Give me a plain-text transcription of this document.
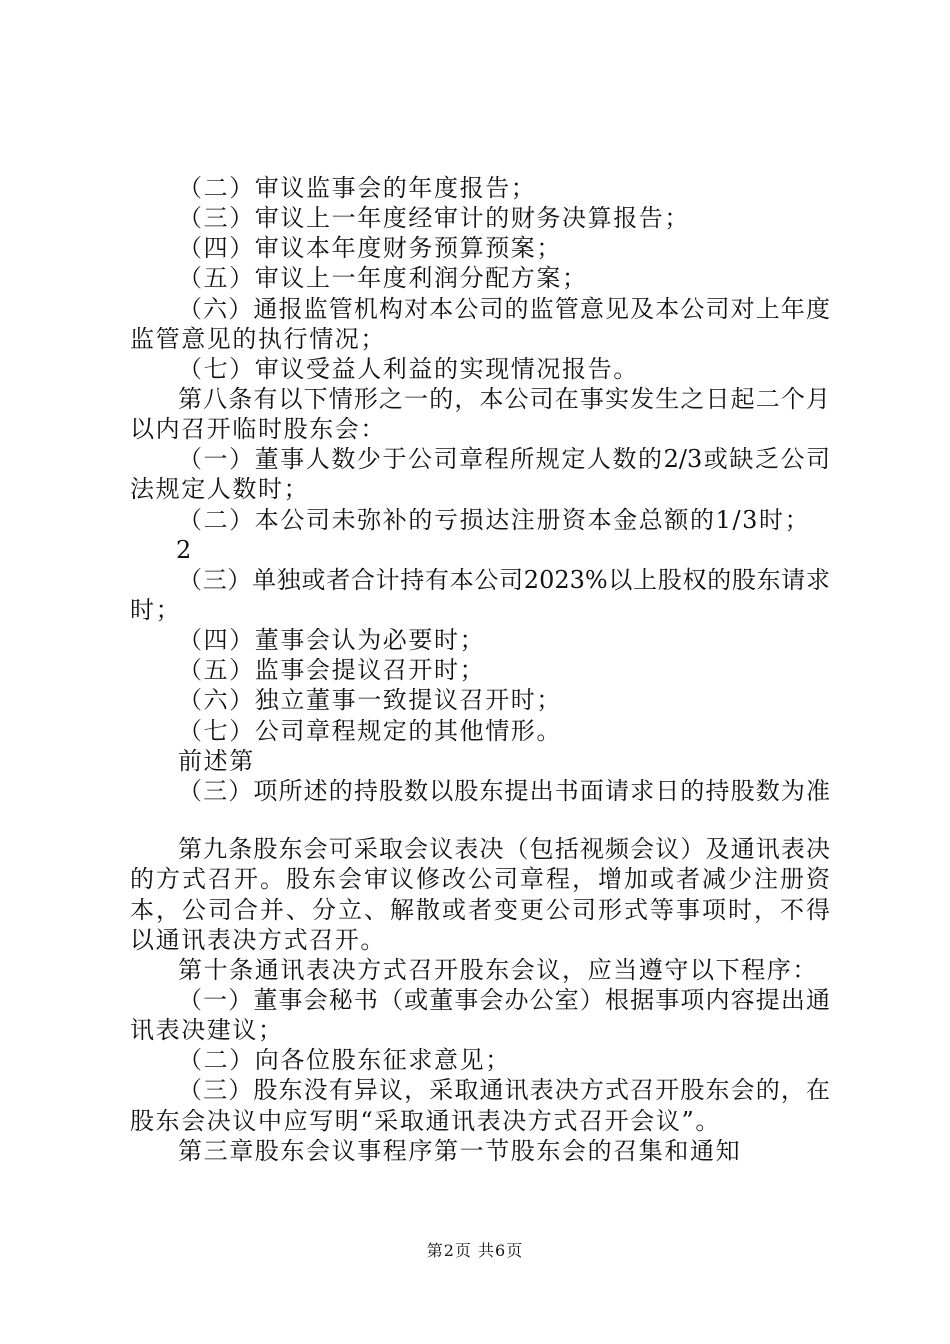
（二）审议监事会的年度报告；
（三）审议上一年度经审计的财务决算报告；
（四）审议本年度财务预算预案；
（五）审议上一年度利润分配方案；
（六）通报监管机构对本公司的监管意见及本公司对上年度
监管意见的执行情况；
（七）审议受益人利益的实现情况报告。
第八条有以下情形之一的，本公司在事实发生之日起二个月
以内召开临时股东会：
（一）董事人数少于公司章程所规定人数的2/3或缺乏公司
法规定人数时；
（二）本公司未弥补的亏损达注册资本金总额的1/3时；
2
（三）单独或者合计持有本公司2023%以上股权的股东请求
时；
（四）董事会认为必要时；
（五）监事会提议召开时；
（六）独立董事一致提议召开时；
（七）公司章程规定的其他情形。
前述第
（三）项所述的持股数以股东提出书面请求日的持股数为准
第九条股东会可采取会议表决（包括视频会议）及通讯表决
的方式召开。股东会审议修改公司章程，增加或者减少注册资
本，公司合并、分立、解散或者变更公司形式等事项时，不得
以通讯表决方式召开。
第十条通讯表决方式召开股东会议，应当遵守以下程序：
（一）董事会秘书（或董事会办公室）根据事项内容提出通
讯表决建议；
（二）向各位股东征求意见；
（三）股东没有异议，采取通讯表决方式召开股东会的，在
股东会决议中应写明“采取通讯表决方式召开会议”。
第三章股东会议事程序第一节股东会的召集和通知
第2页 共6页
